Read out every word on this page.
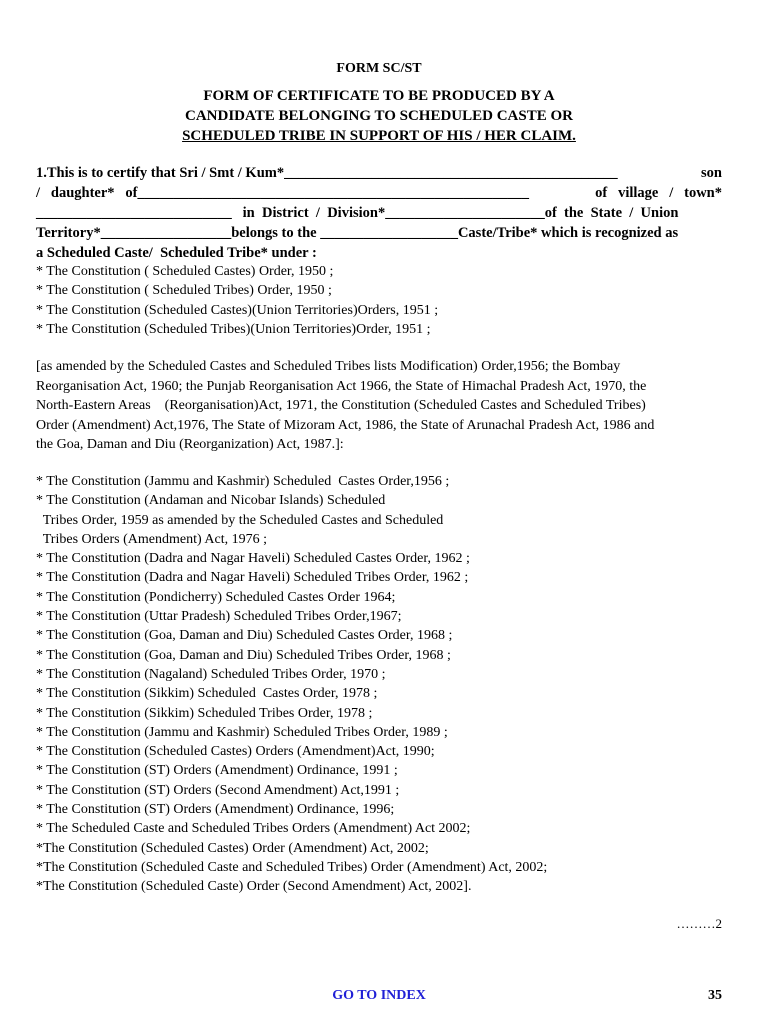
FORM SC/ST
FORM OF CERTIFICATE TO BE PRODUCED BY A
CANDIDATE BELONGING TO SCHEDULED CASTE OR
SCHEDULED TRIBE IN SUPPORT OF HIS / HER CLAIM.
1.This is to certify that Sri / Smt / Kum*______________________________________________	son
/   daughter*   of______________________________________________________	of   village   /   town*
___________________________   in  District  /  Division*______________________of  the  State  /  Union
Territory*__________________belongs to the ___________________Caste/Tribe* which is recognized as
a Scheduled Caste/  Scheduled Tribe* under :
* The Constitution ( Scheduled Castes) Order, 1950 ;
* The Constitution ( Scheduled Tribes) Order, 1950 ;
* The Constitution (Scheduled Castes)(Union Territories)Orders, 1951 ;
* The Constitution (Scheduled Tribes)(Union Territories)Order, 1951 ;
[as amended by the Scheduled Castes and Scheduled Tribes lists Modification) Order,1956; the Bombay
Reorganisation Act, 1960; the Punjab Reorganisation Act 1966, the State of Himachal Pradesh Act, 1970, the
North-Eastern Areas    (Reorganisation)Act, 1971, the Constitution (Scheduled Castes and Scheduled Tribes)
Order (Amendment) Act,1976, The State of Mizoram Act, 1986, the State of Arunachal Pradesh Act, 1986 and
the Goa, Daman and Diu (Reorganization) Act, 1987.]:
* The Constitution (Jammu and Kashmir) Scheduled  Castes Order,1956 ;
* The Constitution (Andaman and Nicobar Islands) Scheduled
Tribes Order, 1959 as amended by the Scheduled Castes and Scheduled
Tribes Orders (Amendment) Act, 1976 ;
* The Constitution (Dadra and Nagar Haveli) Scheduled Castes Order, 1962 ;
* The Constitution (Dadra and Nagar Haveli) Scheduled Tribes Order, 1962 ;
* The Constitution (Pondicherry) Scheduled Castes Order 1964;
* The Constitution (Uttar Pradesh) Scheduled Tribes Order,1967;
* The Constitution (Goa, Daman and Diu) Scheduled Castes Order, 1968 ;
* The Constitution (Goa, Daman and Diu) Scheduled Tribes Order, 1968 ;
* The Constitution (Nagaland) Scheduled Tribes Order, 1970 ;
* The Constitution (Sikkim) Scheduled  Castes Order, 1978 ;
* The Constitution (Sikkim) Scheduled Tribes Order, 1978 ;
* The Constitution (Jammu and Kashmir) Scheduled Tribes Order, 1989 ;
* The Constitution (Scheduled Castes) Orders (Amendment)Act, 1990;
* The Constitution (ST) Orders (Amendment) Ordinance, 1991 ;
* The Constitution (ST) Orders (Second Amendment) Act,1991 ;
* The Constitution (ST) Orders (Amendment) Ordinance, 1996;
* The Scheduled Caste and Scheduled Tribes Orders (Amendment) Act 2002;
*The Constitution (Scheduled Castes) Order (Amendment) Act, 2002;
*The Constitution (Scheduled Caste and Scheduled Tribes) Order (Amendment) Act, 2002;
*The Constitution (Scheduled Caste) Order (Second Amendment) Act, 2002].
………2
GO TO INDEX	35
